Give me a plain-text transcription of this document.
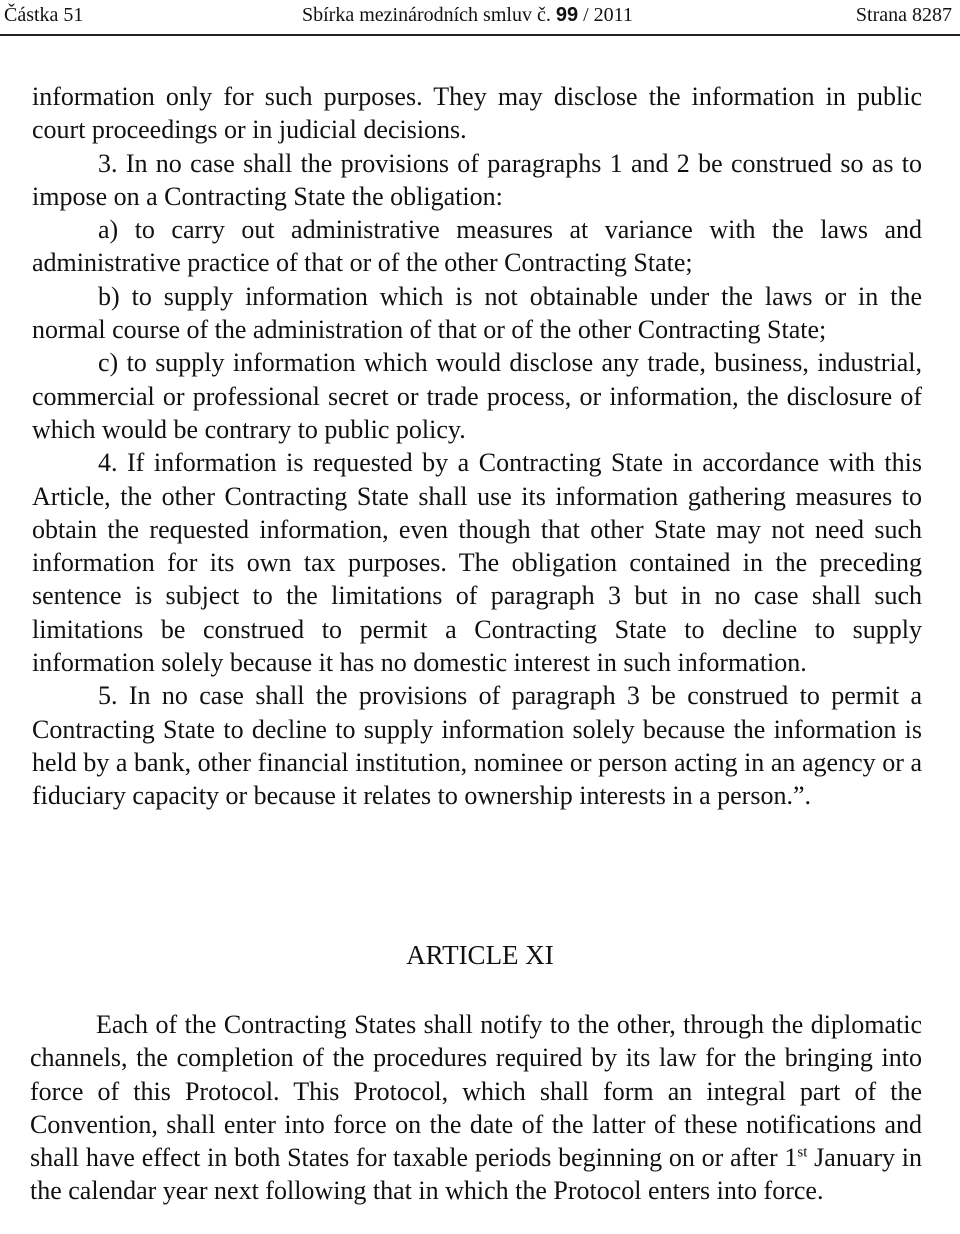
Částka 51	Sbírka mezinárodních smluv č. 99 / 2011	Strana 8287

information only for such purposes. They may disclose the information in public court proceedings or in judicial decisions.

3. In no case shall the provisions of paragraphs 1 and 2 be construed so as to impose on a Contracting State the obligation:

a) to carry out administrative measures at variance with the laws and administrative practice of that or of the other Contracting State;

b) to supply information which is not obtainable under the laws or in the normal course of the administration of that or of the other Contracting State;

c) to supply information which would disclose any trade, business, industrial, commercial or professional secret or trade process, or information, the disclosure of which would be contrary to public policy.

4. If information is requested by a Contracting State in accordance with this Article, the other Contracting State shall use its information gathering measures to obtain the requested information, even though that other State may not need such information for its own tax purposes. The obligation contained in the preceding sentence is subject to the limitations of paragraph 3 but in no case shall such limitations be construed to permit a Contracting State to decline to supply information solely because it has no domestic interest in such information.

5. In no case shall the provisions of paragraph 3 be construed to permit a Contracting State to decline to supply information solely because the information is held by a bank, other financial institution, nominee or person acting in an agency or a fiduciary capacity or because it relates to ownership interests in a person.”.

ARTICLE XI

Each of the Contracting States shall notify to the other, through the diplomatic channels, the completion of the procedures required by its law for the bringing into force of this Protocol. This Protocol, which shall form an integral part of the Convention, shall enter into force on the date of the latter of these notifications and shall have effect in both States for taxable periods beginning on or after 1st January in the calendar year next following that in which the Protocol enters into force.
